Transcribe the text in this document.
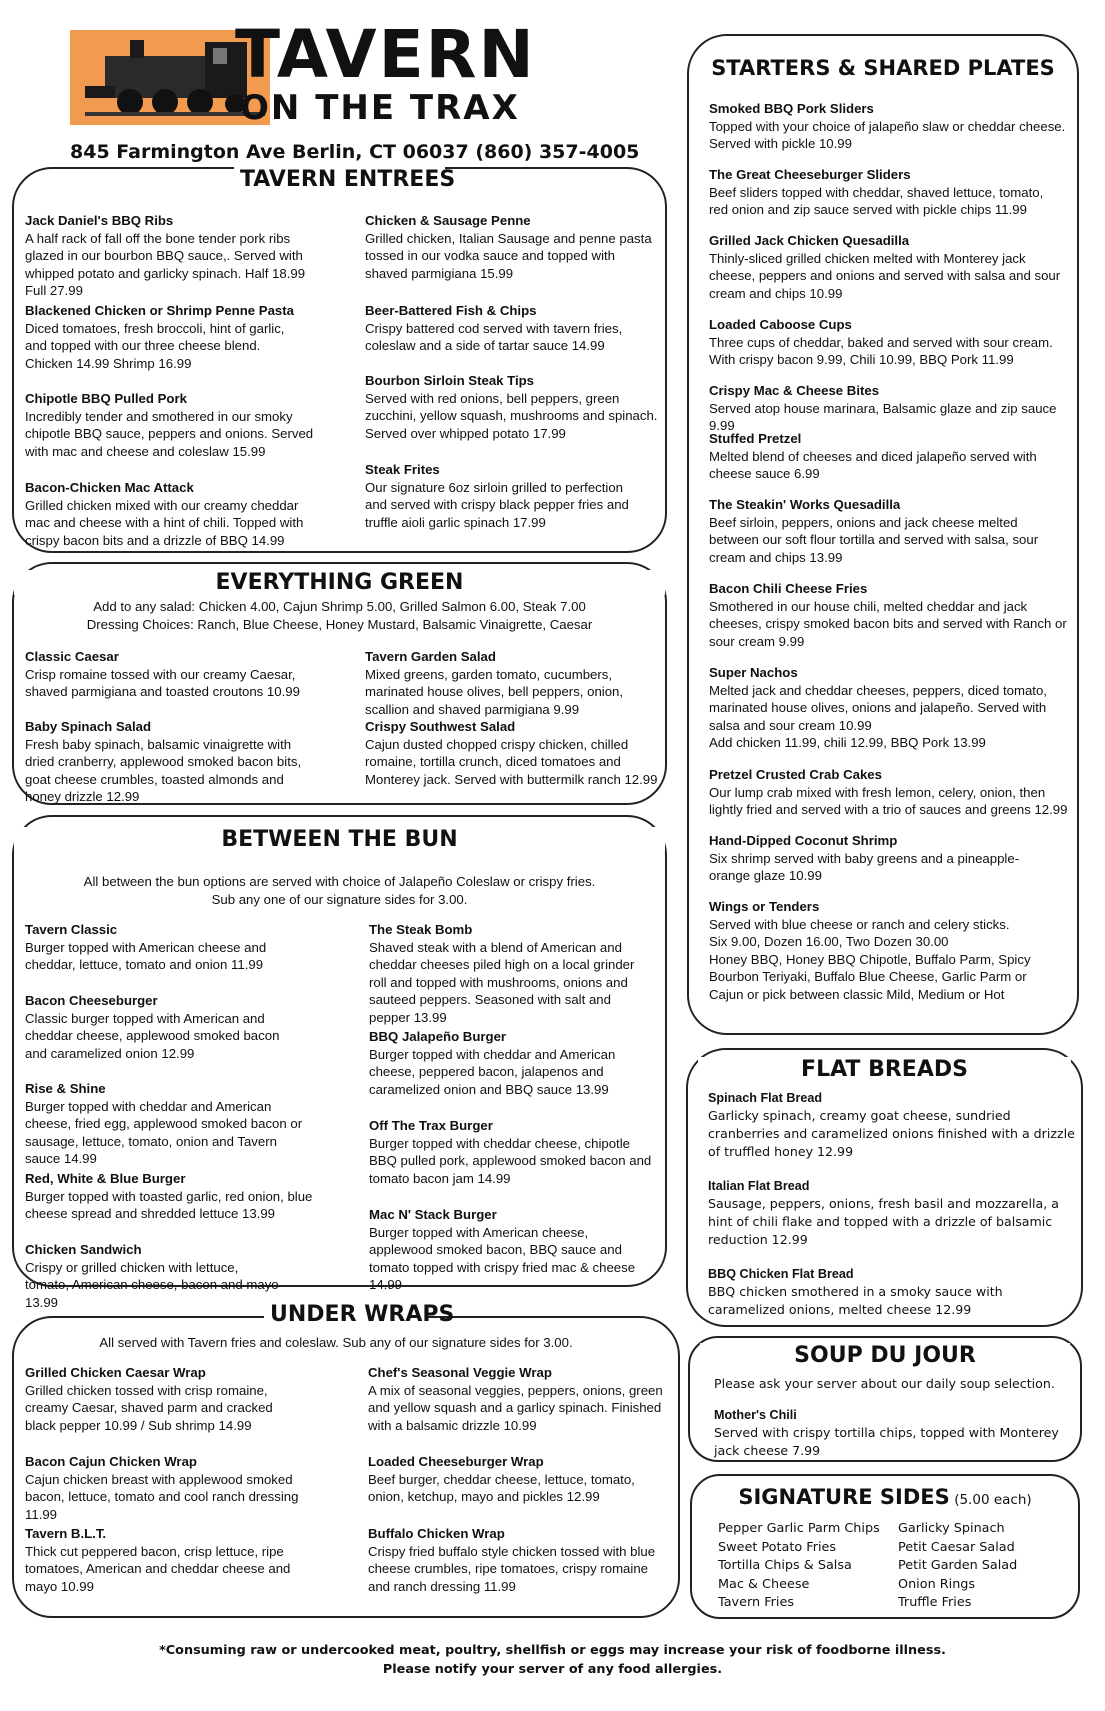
TAVERN
ON THE TRAX
845 Farmington Ave Berlin, CT 06037 (860) 357-4005
TAVERN ENTREES
Jack Daniel's BBQ Ribs
A half rack of fall off the bone tender pork ribs glazed in our bourbon BBQ sauce,. Served with whipped potato and garlicky spinach. Half 18.99 Full 27.99
Blackened Chicken or Shrimp Penne Pasta
Diced tomatoes, fresh broccoli, hint of garlic, and topped with our three cheese blend. Chicken 14.99 Shrimp 16.99
Chipotle BBQ Pulled Pork
Incredibly tender and smothered in our smoky chipotle BBQ sauce, peppers and onions. Served with mac and cheese and coleslaw 15.99
Bacon-Chicken Mac Attack
Grilled chicken mixed with our creamy cheddar mac and cheese with a hint of chili. Topped with crispy bacon bits and a drizzle of BBQ 14.99
Chicken & Sausage Penne
Grilled chicken, Italian Sausage and penne pasta tossed in our vodka sauce and topped with shaved parmigiana 15.99
Beer-Battered Fish & Chips
Crispy battered cod served with tavern fries, coleslaw and a side of tartar sauce 14.99
Bourbon Sirloin Steak Tips
Served with red onions, bell peppers, green zucchini, yellow squash, mushrooms and spinach. Served over whipped potato 17.99
Steak Frites
Our signature 6oz sirloin grilled to perfection and served with crispy black pepper fries and truffle aioli garlic spinach 17.99
EVERYTHING GREEN
Add to any salad: Chicken 4.00, Cajun Shrimp 5.00, Grilled Salmon 6.00, Steak 7.00
Dressing Choices: Ranch, Blue Cheese, Honey Mustard, Balsamic Vinaigrette, Caesar
Classic Caesar
Crisp romaine tossed with our creamy Caesar, shaved parmigiana and toasted croutons 10.99
Baby Spinach Salad
Fresh baby spinach, balsamic vinaigrette with dried cranberry, applewood smoked bacon bits, goat cheese crumbles, toasted almonds and honey drizzle 12.99
Tavern Garden Salad
Mixed greens, garden tomato, cucumbers, marinated house olives, bell peppers, onion, scallion and shaved parmigiana 9.99
Crispy Southwest Salad
Cajun dusted chopped crispy chicken, chilled romaine, tortilla crunch, diced tomatoes and Monterey jack. Served with buttermilk ranch 12.99
BETWEEN THE BUN
All between the bun options are served with choice of Jalapeño Coleslaw or crispy fries.
Sub any one of our signature sides for 3.00.
Tavern Classic
Burger topped with American cheese and cheddar, lettuce, tomato and onion 11.99
Bacon Cheeseburger
Classic burger topped with American and cheddar cheese, applewood smoked bacon and caramelized onion 12.99
Rise & Shine
Burger topped with cheddar and American cheese, fried egg, applewood smoked bacon or sausage, lettuce, tomato, onion and Tavern sauce 14.99
Red, White & Blue Burger
Burger topped with toasted garlic, red onion, blue cheese spread and shredded lettuce 13.99
Chicken Sandwich
Crispy or grilled chicken with lettuce, tomato, American cheese, bacon and mayo 13.99
The Steak Bomb
Shaved steak with a blend of American and cheddar cheeses piled high on a local grinder roll and topped with mushrooms, onions and sauteed peppers. Seasoned with salt and pepper 13.99
BBQ Jalapeño Burger
Burger topped with cheddar and American cheese, peppered bacon, jalapenos and caramelized onion and BBQ sauce 13.99
Off The Trax Burger
Burger topped with cheddar cheese, chipotle BBQ pulled pork, applewood smoked bacon and tomato bacon jam 14.99
Mac N' Stack Burger
Burger topped with American cheese, applewood smoked bacon, BBQ sauce and tomato topped with crispy fried mac & cheese 14.99
UNDER WRAPS
All served with Tavern fries and coleslaw. Sub any of our signature sides for 3.00.
Grilled Chicken Caesar Wrap
Grilled chicken tossed with crisp romaine, creamy Caesar, shaved parm and cracked black pepper 10.99 / Sub shrimp 14.99
Bacon Cajun Chicken Wrap
Cajun chicken breast with applewood smoked bacon, lettuce, tomato and cool ranch dressing 11.99
Tavern B.L.T.
Thick cut peppered bacon, crisp lettuce, ripe tomatoes, American and cheddar cheese and mayo 10.99
Chef's Seasonal Veggie Wrap
A mix of seasonal veggies, peppers, onions, green and yellow squash and a garlicy spinach. Finished with a balsamic drizzle 10.99
Loaded Cheeseburger Wrap
Beef burger, cheddar cheese, lettuce, tomato, onion, ketchup, mayo and pickles 12.99
Buffalo Chicken Wrap
Crispy fried buffalo style chicken tossed with blue cheese crumbles, ripe tomatoes, crispy romaine and ranch dressing 11.99
STARTERS & SHARED PLATES
Smoked BBQ Pork Sliders
Topped with your choice of jalapeño slaw or cheddar cheese. Served with pickle 10.99
The Great Cheeseburger Sliders
Beef sliders topped with cheddar, shaved lettuce, tomato, red onion and zip sauce served with pickle chips 11.99
Grilled Jack Chicken Quesadilla
Thinly-sliced grilled chicken melted with Monterey jack cheese, peppers and onions and served with salsa and sour cream and chips 10.99
Loaded Caboose Cups
Three cups of cheddar, baked and served with sour cream. With crispy bacon 9.99, Chili 10.99, BBQ Pork 11.99
Crispy Mac & Cheese Bites
Served atop house marinara, Balsamic glaze and zip sauce 9.99
Stuffed Pretzel
Melted blend of cheeses and diced jalapeño served with cheese sauce 6.99
The Steakin' Works Quesadilla
Beef sirloin, peppers, onions and jack cheese melted between our soft flour tortilla and served with salsa, sour cream and chips 13.99
Bacon Chili Cheese Fries
Smothered in our house chili, melted cheddar and jack cheeses, crispy smoked bacon bits and served with Ranch or sour cream 9.99
Super Nachos
Melted jack and cheddar cheeses, peppers, diced tomato, marinated house olives, onions and jalapeño. Served with salsa and sour cream 10.99
Add chicken 11.99, chili 12.99, BBQ Pork 13.99
Pretzel Crusted Crab Cakes
Our lump crab mixed with fresh lemon, celery, onion, then lightly fried and served with a trio of sauces and greens 12.99
Hand-Dipped Coconut Shrimp
Six shrimp served with baby greens and a pineapple-orange glaze 10.99
Wings or Tenders
Served with blue cheese or ranch and celery sticks.
Six 9.00, Dozen 16.00, Two Dozen 30.00
Honey BBQ, Honey BBQ Chipotle, Buffalo Parm, Spicy Bourbon Teriyaki, Buffalo Blue Cheese, Garlic Parm or Cajun or pick between classic Mild, Medium or Hot
FLAT BREADS
Spinach Flat Bread
Garlicky spinach, creamy goat cheese, sundried cranberries and caramelized onions finished with a drizzle of truffled honey 12.99
Italian Flat Bread
Sausage, peppers, onions, fresh basil and mozzarella, a hint of chili flake and topped with a drizzle of balsamic reduction 12.99
BBQ Chicken Flat Bread
BBQ chicken smothered in a smoky sauce with caramelized onions, melted cheese 12.99
SOUP DU JOUR
Please ask your server about our daily soup selection.
Mother's Chili
Served with crispy tortilla chips, topped with Monterey jack cheese 7.99
SIGNATURE SIDES (5.00 each)
Pepper Garlic Parm Chips
Sweet Potato Fries
Tortilla Chips & Salsa
Mac & Cheese
Tavern Fries
Garlicky Spinach
Petit Caesar Salad
Petit Garden Salad
Onion Rings
Truffle Fries
*Consuming raw or undercooked meat, poultry, shellfish or eggs may increase your risk of foodborne illness.
Please notify your server of any food allergies.
